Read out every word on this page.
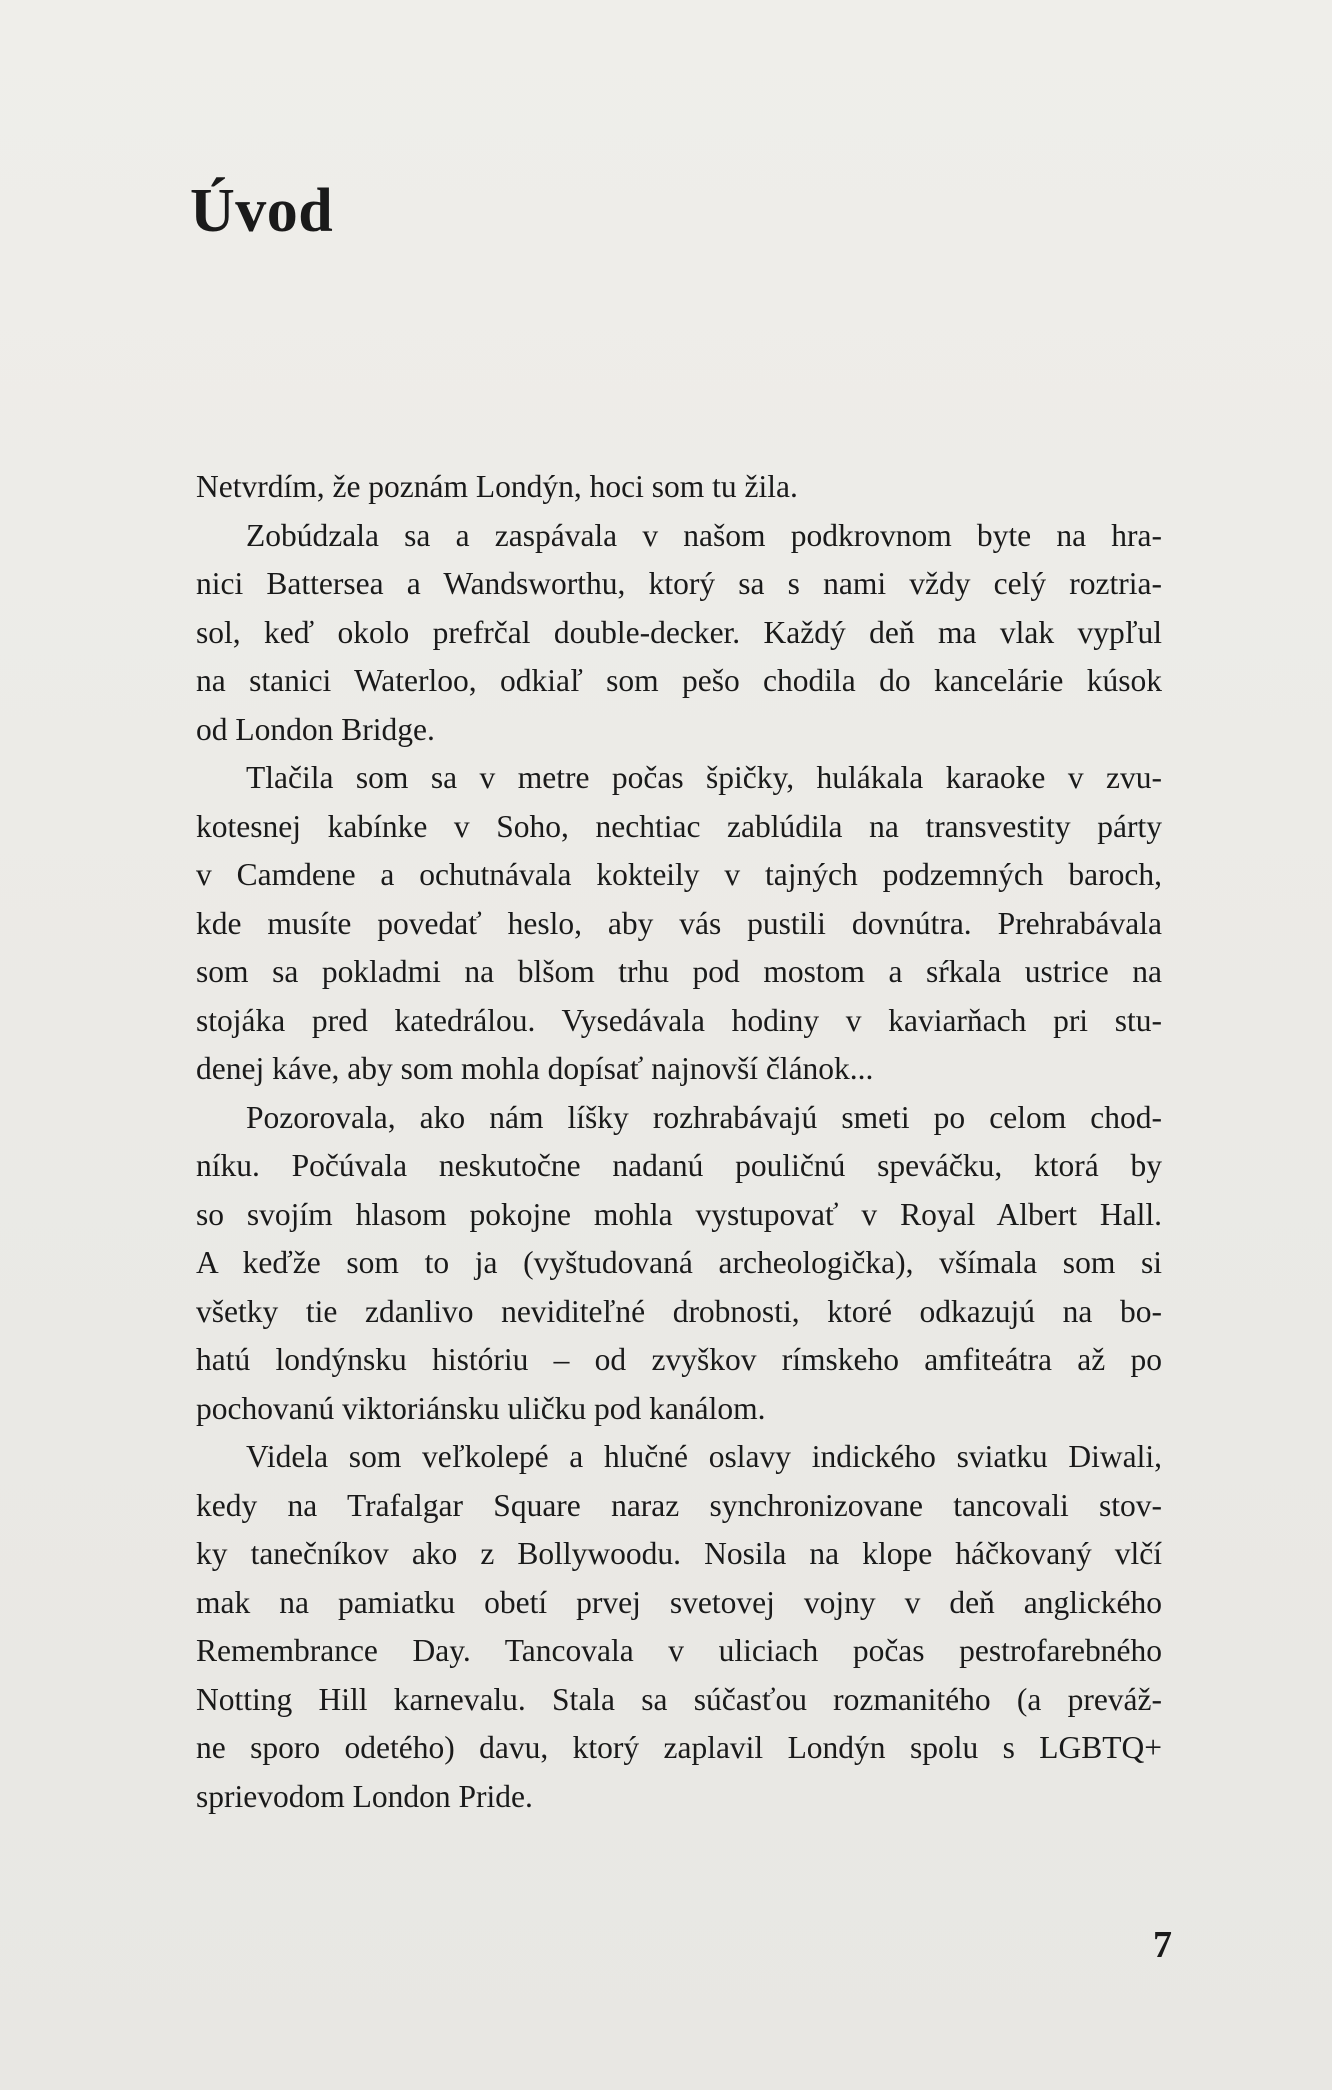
Úvod

Netvrdím, že poznám Londýn, hoci som tu žila.

Zobúdzala sa a zaspávala v našom podkrovnom byte na hra-
nici Battersea a Wandsworthu, ktorý sa s nami vždy celý roztria-
sol, keď okolo prefrčal double-decker. Každý deň ma vlak vypľul
na stanici Waterloo, odkiaľ som pešo chodila do kancelárie kúsok
od London Bridge.

Tlačila som sa v metre počas špičky, hulákala karaoke v zvu-
kotesnej kabínke v Soho, nechtiac zablúdila na transvestity párty
v Camdene a ochutnávala kokteily v tajných podzemných baroch,
kde musíte povedať heslo, aby vás pustili dovnútra. Prehrabávala
som sa pokladmi na blšom trhu pod mostom a sŕkala ustrice na
stojáka pred katedrálou. Vysedávala hodiny v kaviarňach pri stu-
denej káve, aby som mohla dopísať najnovší článok...

Pozorovala, ako nám líšky rozhrabávajú smeti po celom chod-
níku. Počúvala neskutočne nadanú pouličnú speváčku, ktorá by
so svojím hlasom pokojne mohla vystupovať v Royal Albert Hall.
A keďže som to ja (vyštudovaná archeologička), všímala som si
všetky tie zdanlivo neviditeľné drobnosti, ktoré odkazujú na bo-
hatú londýnsku históriu – od zvyškov rímskeho amfiteátra až po
pochovanú viktoriánsku uličku pod kanálom.

Videla som veľkolepé a hlučné oslavy indického sviatku Diwali,
kedy na Trafalgar Square naraz synchronizovane tancovali stov-
ky tanečníkov ako z Bollywoodu. Nosila na klope háčkovaný vlčí
mak na pamiatku obetí prvej svetovej vojny v deň anglického
Remembrance Day. Tancovala v uliciach počas pestrofarebného
Notting Hill karnevalu. Stala sa súčasťou rozmanitého (a preváž-
ne sporo odetého) davu, ktorý zaplavil Londýn spolu s LGBTQ+
sprievodom London Pride.

7
